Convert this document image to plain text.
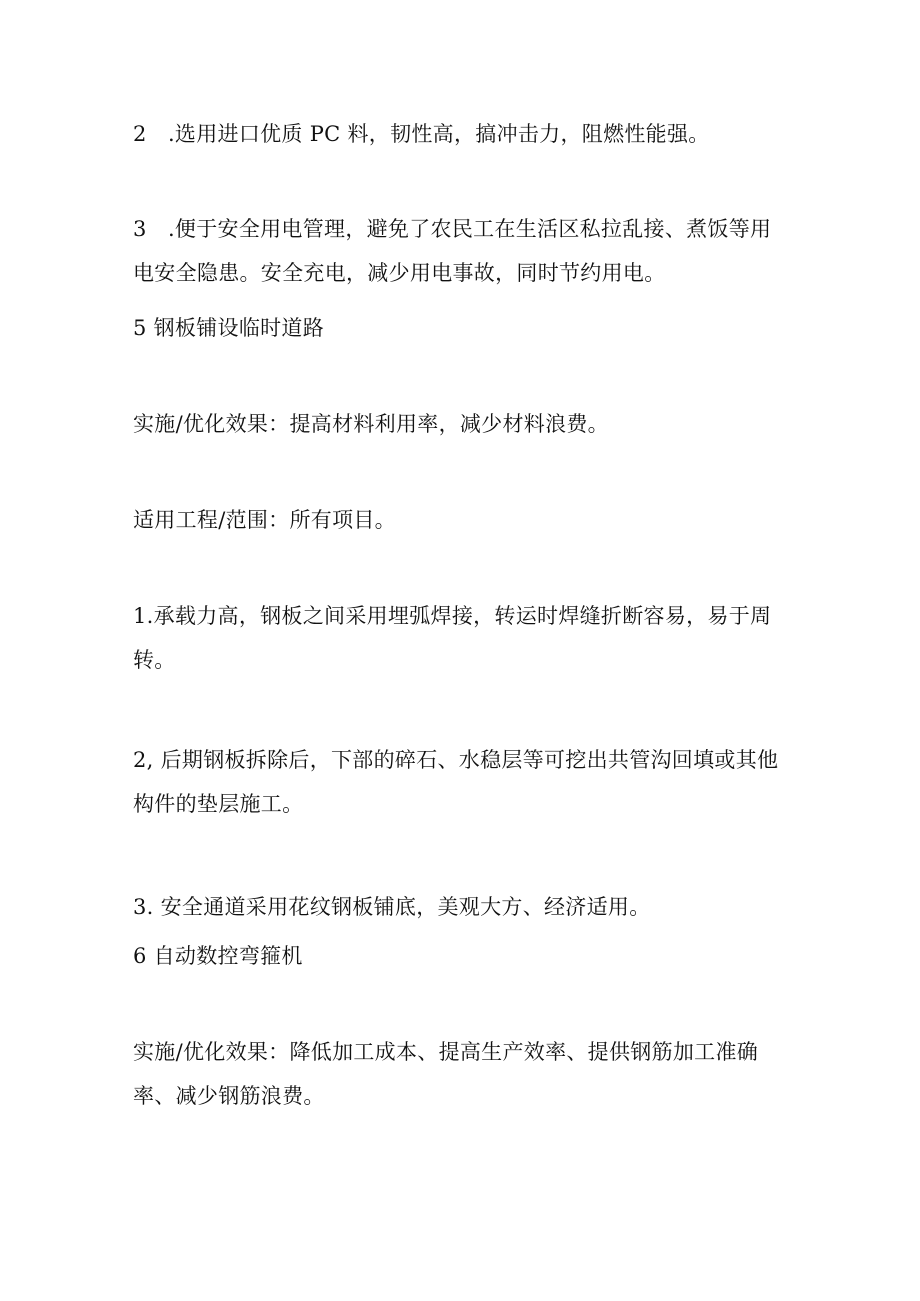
2　.选用进口优质 PC 料，韧性高，搞冲击力，阻燃性能强。
3　.便于安全用电管理，避免了农民工在生活区私拉乱接、煮饭等用
电安全隐患。安全充电，减少用电事故，同时节约用电。
5 钢板铺设临时道路
实施/优化效果：提高材料利用率，减少材料浪费。
适用工程/范围：所有项目。
1.承载力高，钢板之间采用埋弧焊接，转运时焊缝折断容易，易于周
转。
2, 后期钢板拆除后，下部的碎石、水稳层等可挖出共管沟回填或其他
构件的垫层施工。
3. 安全通道采用花纹钢板铺底，美观大方、经济适用。
6 自动数控弯箍机
实施/优化效果：降低加工成本、提高生产效率、提供钢筋加工准确
率、减少钢筋浪费。
